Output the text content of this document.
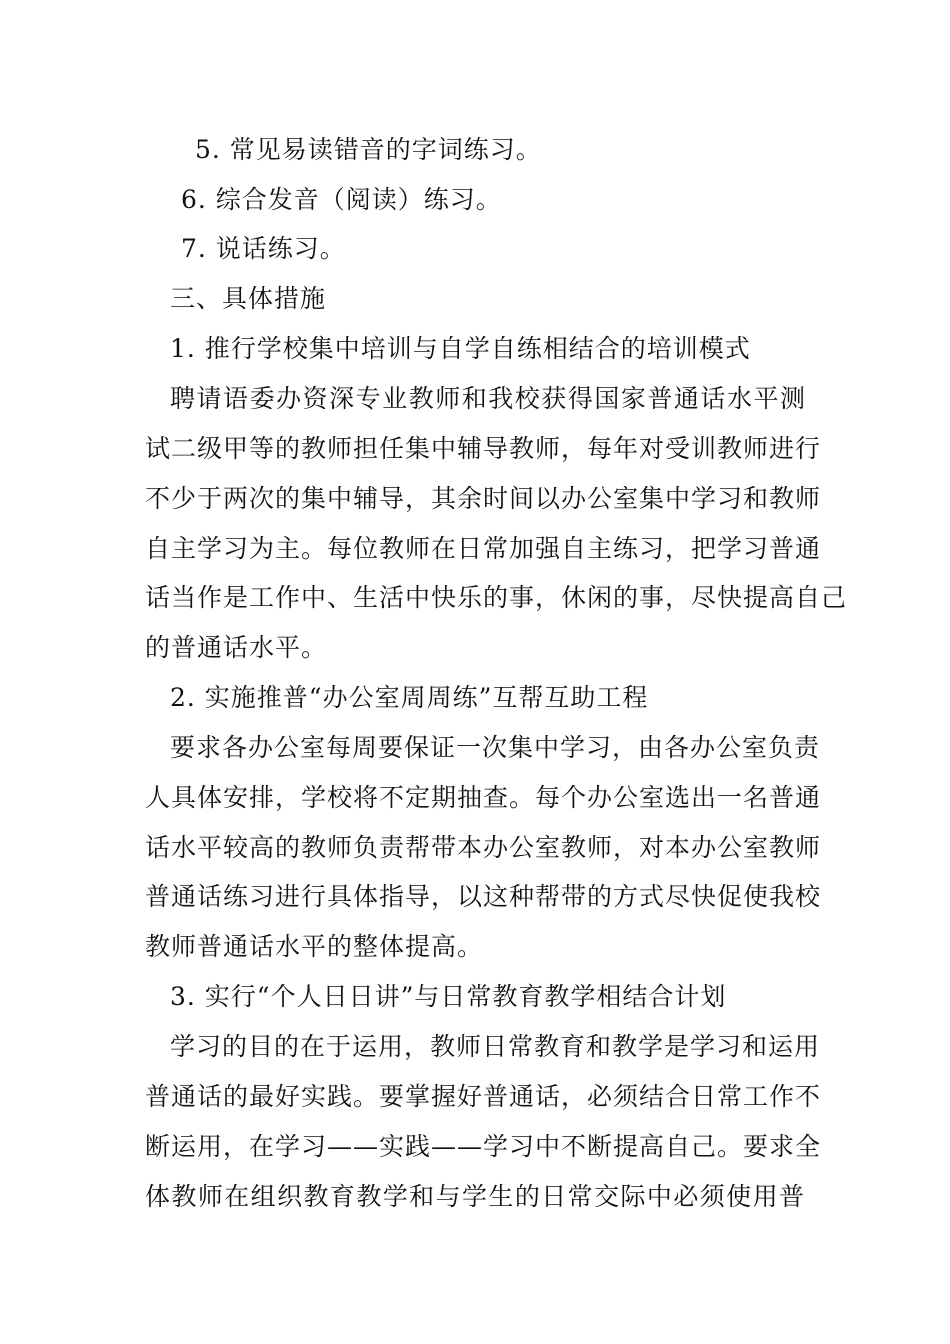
5. 常见易读错音的字词练习。
6. 综合发音（阅读）练习。
7. 说话练习。
三、具体措施
1. 推行学校集中培训与自学自练相结合的培训模式
聘请语委办资深专业教师和我校获得国家普通话水平测
试二级甲等的教师担任集中辅导教师，每年对受训教师进行
不少于两次的集中辅导，其余时间以办公室集中学习和教师
自主学习为主。每位教师在日常加强自主练习，把学习普通
话当作是工作中、生活中快乐的事，休闲的事，尽快提高自己
的普通话水平。
2. 实施推普“办公室周周练”互帮互助工程
要求各办公室每周要保证一次集中学习，由各办公室负责
人具体安排，学校将不定期抽查。每个办公室选出一名普通
话水平较高的教师负责帮带本办公室教师，对本办公室教师
普通话练习进行具体指导，以这种帮带的方式尽快促使我校
教师普通话水平的整体提高。
3. 实行“个人日日讲”与日常教育教学相结合计划
学习的目的在于运用，教师日常教育和教学是学习和运用
普通话的最好实践。要掌握好普通话，必须结合日常工作不
断运用，在学习——实践——学习中不断提高自己。要求全
体教师在组织教育教学和与学生的日常交际中必须使用普
